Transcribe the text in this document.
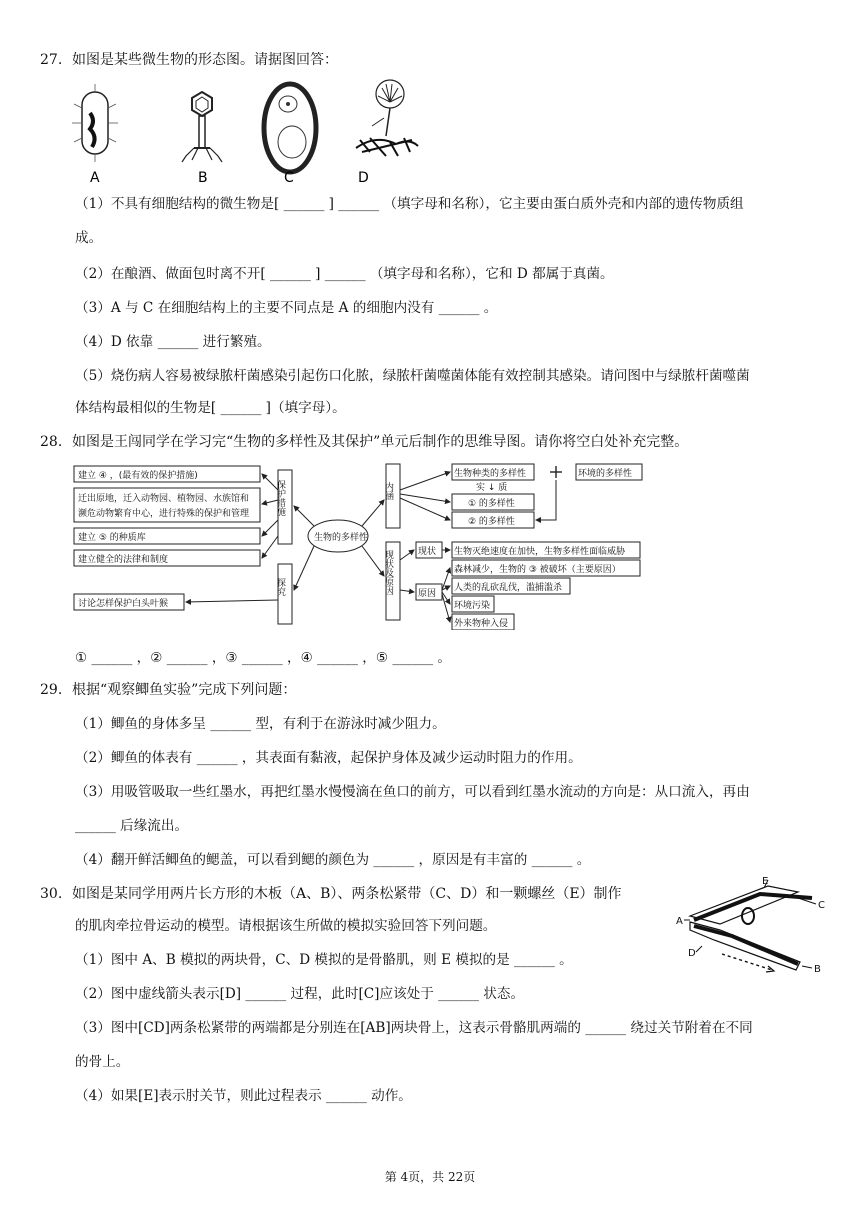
27. 如图是某些微生物的形态图。请据图回答：
A	B	C	D
（1）不具有细胞结构的微生物是[ ______ ] ______ （填字母和名称），它主要由蛋白质外壳和内部的遗传物质组
成。
（2）在酿酒、做面包时离不开[ ______ ] ______ （填字母和名称），它和 D 都属于真菌。
（3）A 与 C 在细胞结构上的主要不同点是 A 的细胞内没有 ______ 。
（4）D 依靠 ______ 进行繁殖。
（5）烧伤病人容易被绿脓杆菌感染引起伤口化脓，绿脓杆菌噬菌体能有效控制其感染。请问图中与绿脓杆菌噬菌
体结构最相似的生物是[ ______ ]（填字母）。
28. 如图是王闯同学在学习完“生物的多样性及其保护”单元后制作的思维导图。请你将空白处补充完整。
建立 ④ ，(最有效的保护措施)
迁出原地，迁入动物园、植物园、水族馆和
濒危动物繁育中心，进行特殊的保护和管理
建立 ⑤ 的种质库
建立健全的法律和制度
讨论怎样保护白头叶猴
生物的多样性
生物种类的多样性	环境的多样性
实 ↓ 质
① 的多样性
② 的多样性
现状
原因
生物灭绝速度在加快，生物多样性面临威胁
森林减少，生物的 ③ 被破坏（主要原因）
人类的乱砍乱伐，滥捕滥杀
环境污染
外来物种入侵
保护措施
探究
内涵
现状及原因
① ______ ，② ______ ，③ ______ ，④ ______ ，⑤ ______ 。
29. 根据“观察鲫鱼实验”完成下列问题：
（1）鲫鱼的身体多呈 ______ 型，有利于在游泳时减少阻力。
（2）鲫鱼的体表有 ______ ，其表面有黏液，起保护身体及减少运动时阻力的作用。
（3）用吸管吸取一些红墨水，再把红墨水慢慢滴在鱼口的前方，可以看到红墨水流动的方向是：从口流入，再由
______ 后缘流出。
（4）翻开鲜活鲫鱼的鳃盖，可以看到鳃的颜色为 ______ ，原因是有丰富的 ______ 。
30. 如图是某同学用两片长方形的木板（A、B）、两条松紧带（C、D）和一颗螺丝（E）制作
的肌肉牵拉骨运动的模型。请根据该生所做的模拟实验回答下列问题。
E
C
A
D
B
（1）图中 A、B 模拟的两块骨，C、D 模拟的是骨骼肌，则 E 模拟的是 ______ 。
（2）图中虚线箭头表示[D] ______ 过程，此时[C]应该处于 ______ 状态。
（3）图中[CD]两条松紧带的两端都是分别连在[AB]两块骨上，这表示骨骼肌两端的 ______ 绕过关节附着在不同
的骨上。
（4）如果[E]表示肘关节，则此过程表示 ______ 动作。
第 4页，共 22页
